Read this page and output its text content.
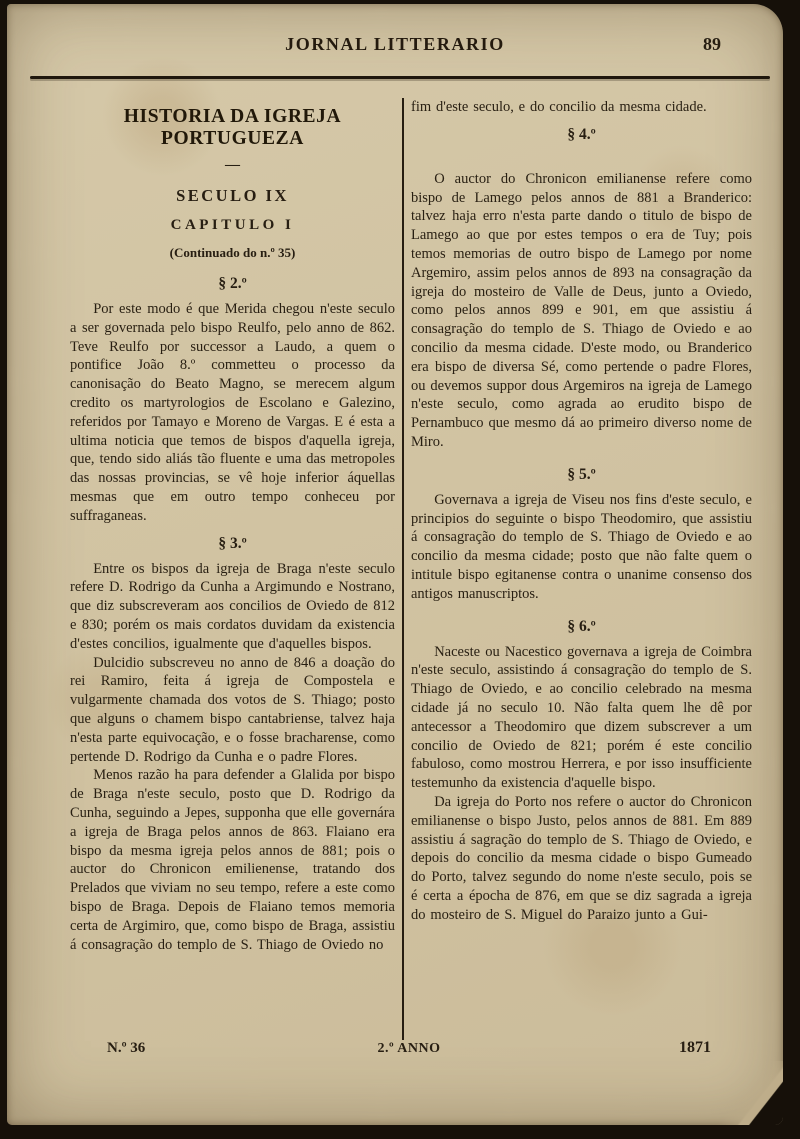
JORNAL LITTERARIO	89
HISTORIA DA IGREJA PORTUGUEZA
—
SECULO IX
CAPITULO I
(Continuado do n.º 35)
§ 2.º

Por este modo é que Merida chegou n'este seculo a ser governada pelo bispo Reulfo, pelo anno de 862. Teve Reulfo por successor a Laudo, a quem o pontifice João 8.º commetteu o processo da canonisação do Beato Magno, se merecem algum credito os martyrologios de Escolano e Galezino, referidos por Tamayo e Moreno de Vargas. E é esta a ultima noticia que temos de bispos d'aquella igreja, que, tendo sido aliás tão fluente e uma das metropoles das nossas provincias, se vê hoje inferior áquellas mesmas que em outro tempo conheceu por suffraganeas.

§ 3.º

Entre os bispos da igreja de Braga n'este seculo refere D. Rodrigo da Cunha a Argimundo e Nostrano, que diz subscreveram aos concilios de Oviedo de 812 e 830; porém os mais cordatos duvidam da existencia d'estes concilios, igualmente que d'aquelles bispos.

Dulcidio subscreveu no anno de 846 a doação do rei Ramiro, feita á igreja de Compostela e vulgarmente chamada dos votos de S. Thiago; posto que alguns o chamem bispo cantabriense, talvez haja n'esta parte equivocação, e o fosse bracharense, como pertende D. Rodrigo da Cunha e o padre Flores.

Menos razão ha para defender a Glalida por bispo de Braga n'este seculo, posto que D. Rodrigo da Cunha, seguindo a Jepes, supponha que elle governára a igreja de Braga pelos annos de 863. Flaiano era bispo da mesma igreja pelos annos de 881; pois o auctor do Chronicon emilienense, tratando dos Prelados que viviam no seu tempo, refere a este como bispo de Braga. Depois de Flaiano temos memoria certa de Argimiro, que, como bispo de Braga, assistiu á consagração do templo de S. Thiago de Oviedo no

fim d'este seculo, e do concilio da mesma cidade.

§ 4.º

O auctor do Chronicon emilianense refere como bispo de Lamego pelos annos de 881 a Branderico: talvez haja erro n'esta parte dando o titulo de bispo de Lamego ao que por estes tempos o era de Tuy; pois temos memorias de outro bispo de Lamego por nome Argemiro, assim pelos annos de 893 na consagração da igreja do mosteiro de Valle de Deus, junto a Oviedo, como pelos annos 899 e 901, em que assistiu á consagração do templo de S. Thiago de Oviedo e ao concilio da mesma cidade. D'este modo, ou Branderico era bispo de diversa Sé, como pertende o padre Flores, ou devemos suppor dous Argemiros na igreja de Lamego n'este seculo, como agrada ao erudito bispo de Pernambuco que mesmo dá ao primeiro diverso nome de Miro.

§ 5.º

Governava a igreja de Viseu nos fins d'este seculo, e principios do seguinte o bispo Theodomiro, que assistiu á consagração do templo de S. Thiago de Oviedo e ao concilio da mesma cidade; posto que não falte quem o intitule bispo egitanense contra o unanime consenso dos antigos manuscriptos.

§ 6.º

Naceste ou Nacestico governava a igreja de Coimbra n'este seculo, assistindo á consagração do templo de S. Thiago de Oviedo, e ao concilio celebrado na mesma cidade já no seculo 10. Não falta quem lhe dê por antecessor a Theodomiro que dizem subscrever a um concilio de Oviedo de 821; porém é este concilio fabuloso, como mostrou Herrera, e por isso insufficiente testemunho da existencia d'aquelle bispo.

Da igreja do Porto nos refere o auctor do Chronicon emilianense o bispo Justo, pelos annos de 881. Em 889 assistiu á sagração do templo de S. Thiago de Oviedo, e depois do concilio da mesma cidade o bispo Gumeado do Porto, talvez segundo do nome n'este seculo, pois se é certa a épocha de 876, em que se diz sagrada a igreja do mosteiro de S. Miguel do Paraizo junto a Gui-

N.º 36	2.º ANNO	1871
